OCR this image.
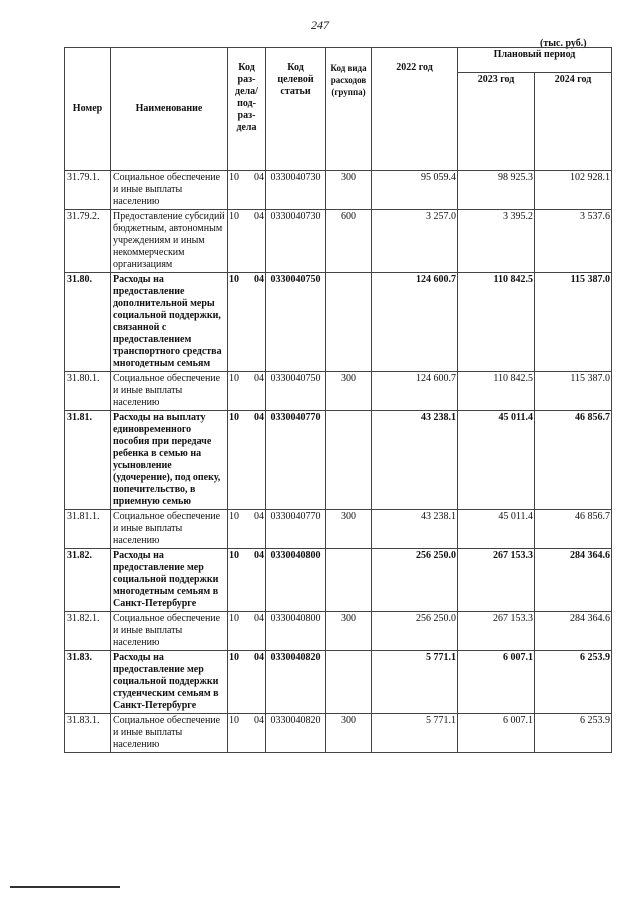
247
(тыс. руб.)
Номер	Наименование	Код раз- дела/ под- раз- дела	Код целевой статьи	Код вида расходов (группа)	2022 год	Плановый период	
						2023 год	2024 год
31.79.1.	Социальное обеспечение и иные выплаты населению	10 04	0330040730	300	95 059.4	98 925.3	102 928.1
31.79.2.	Предоставление субсидий бюджетным, автономным учреждениям и иным некоммерческим организациям	10 04	0330040730	600	3 257.0	3 395.2	3 537.6
31.80.	Расходы на предоставление дополнительной меры социальной поддержки, связанной с предоставлением транспортного средства многодетным семьям	10 04	0330040750		124 600.7	110 842.5	115 387.0
31.80.1.	Социальное обеспечение и иные выплаты населению	10 04	0330040750	300	124 600.7	110 842.5	115 387.0
31.81.	Расходы на выплату единовременного пособия при передаче ребенка в семью на усыновление (удочерение), под опеку, попечительство, в приемную семью	10 04	0330040770		43 238.1	45 011.4	46 856.7
31.81.1.	Социальное обеспечение и иные выплаты населению	10 04	0330040770	300	43 238.1	45 011.4	46 856.7
31.82.	Расходы на предоставление мер социальной поддержки многодетным семьям в Санкт-Петербурге	10 04	0330040800		256 250.0	267 153.3	284 364.6
31.82.1.	Социальное обеспечение и иные выплаты населению	10 04	0330040800	300	256 250.0	267 153.3	284 364.6
31.83.	Расходы на предоставление мер социальной поддержки студенческим семьям в Санкт-Петербурге	10 04	0330040820		5 771.1	6 007.1	6 253.9
31.83.1.	Социальное обеспечение и иные выплаты населению	10 04	0330040820	300	5 771.1	6 007.1	6 253.9
